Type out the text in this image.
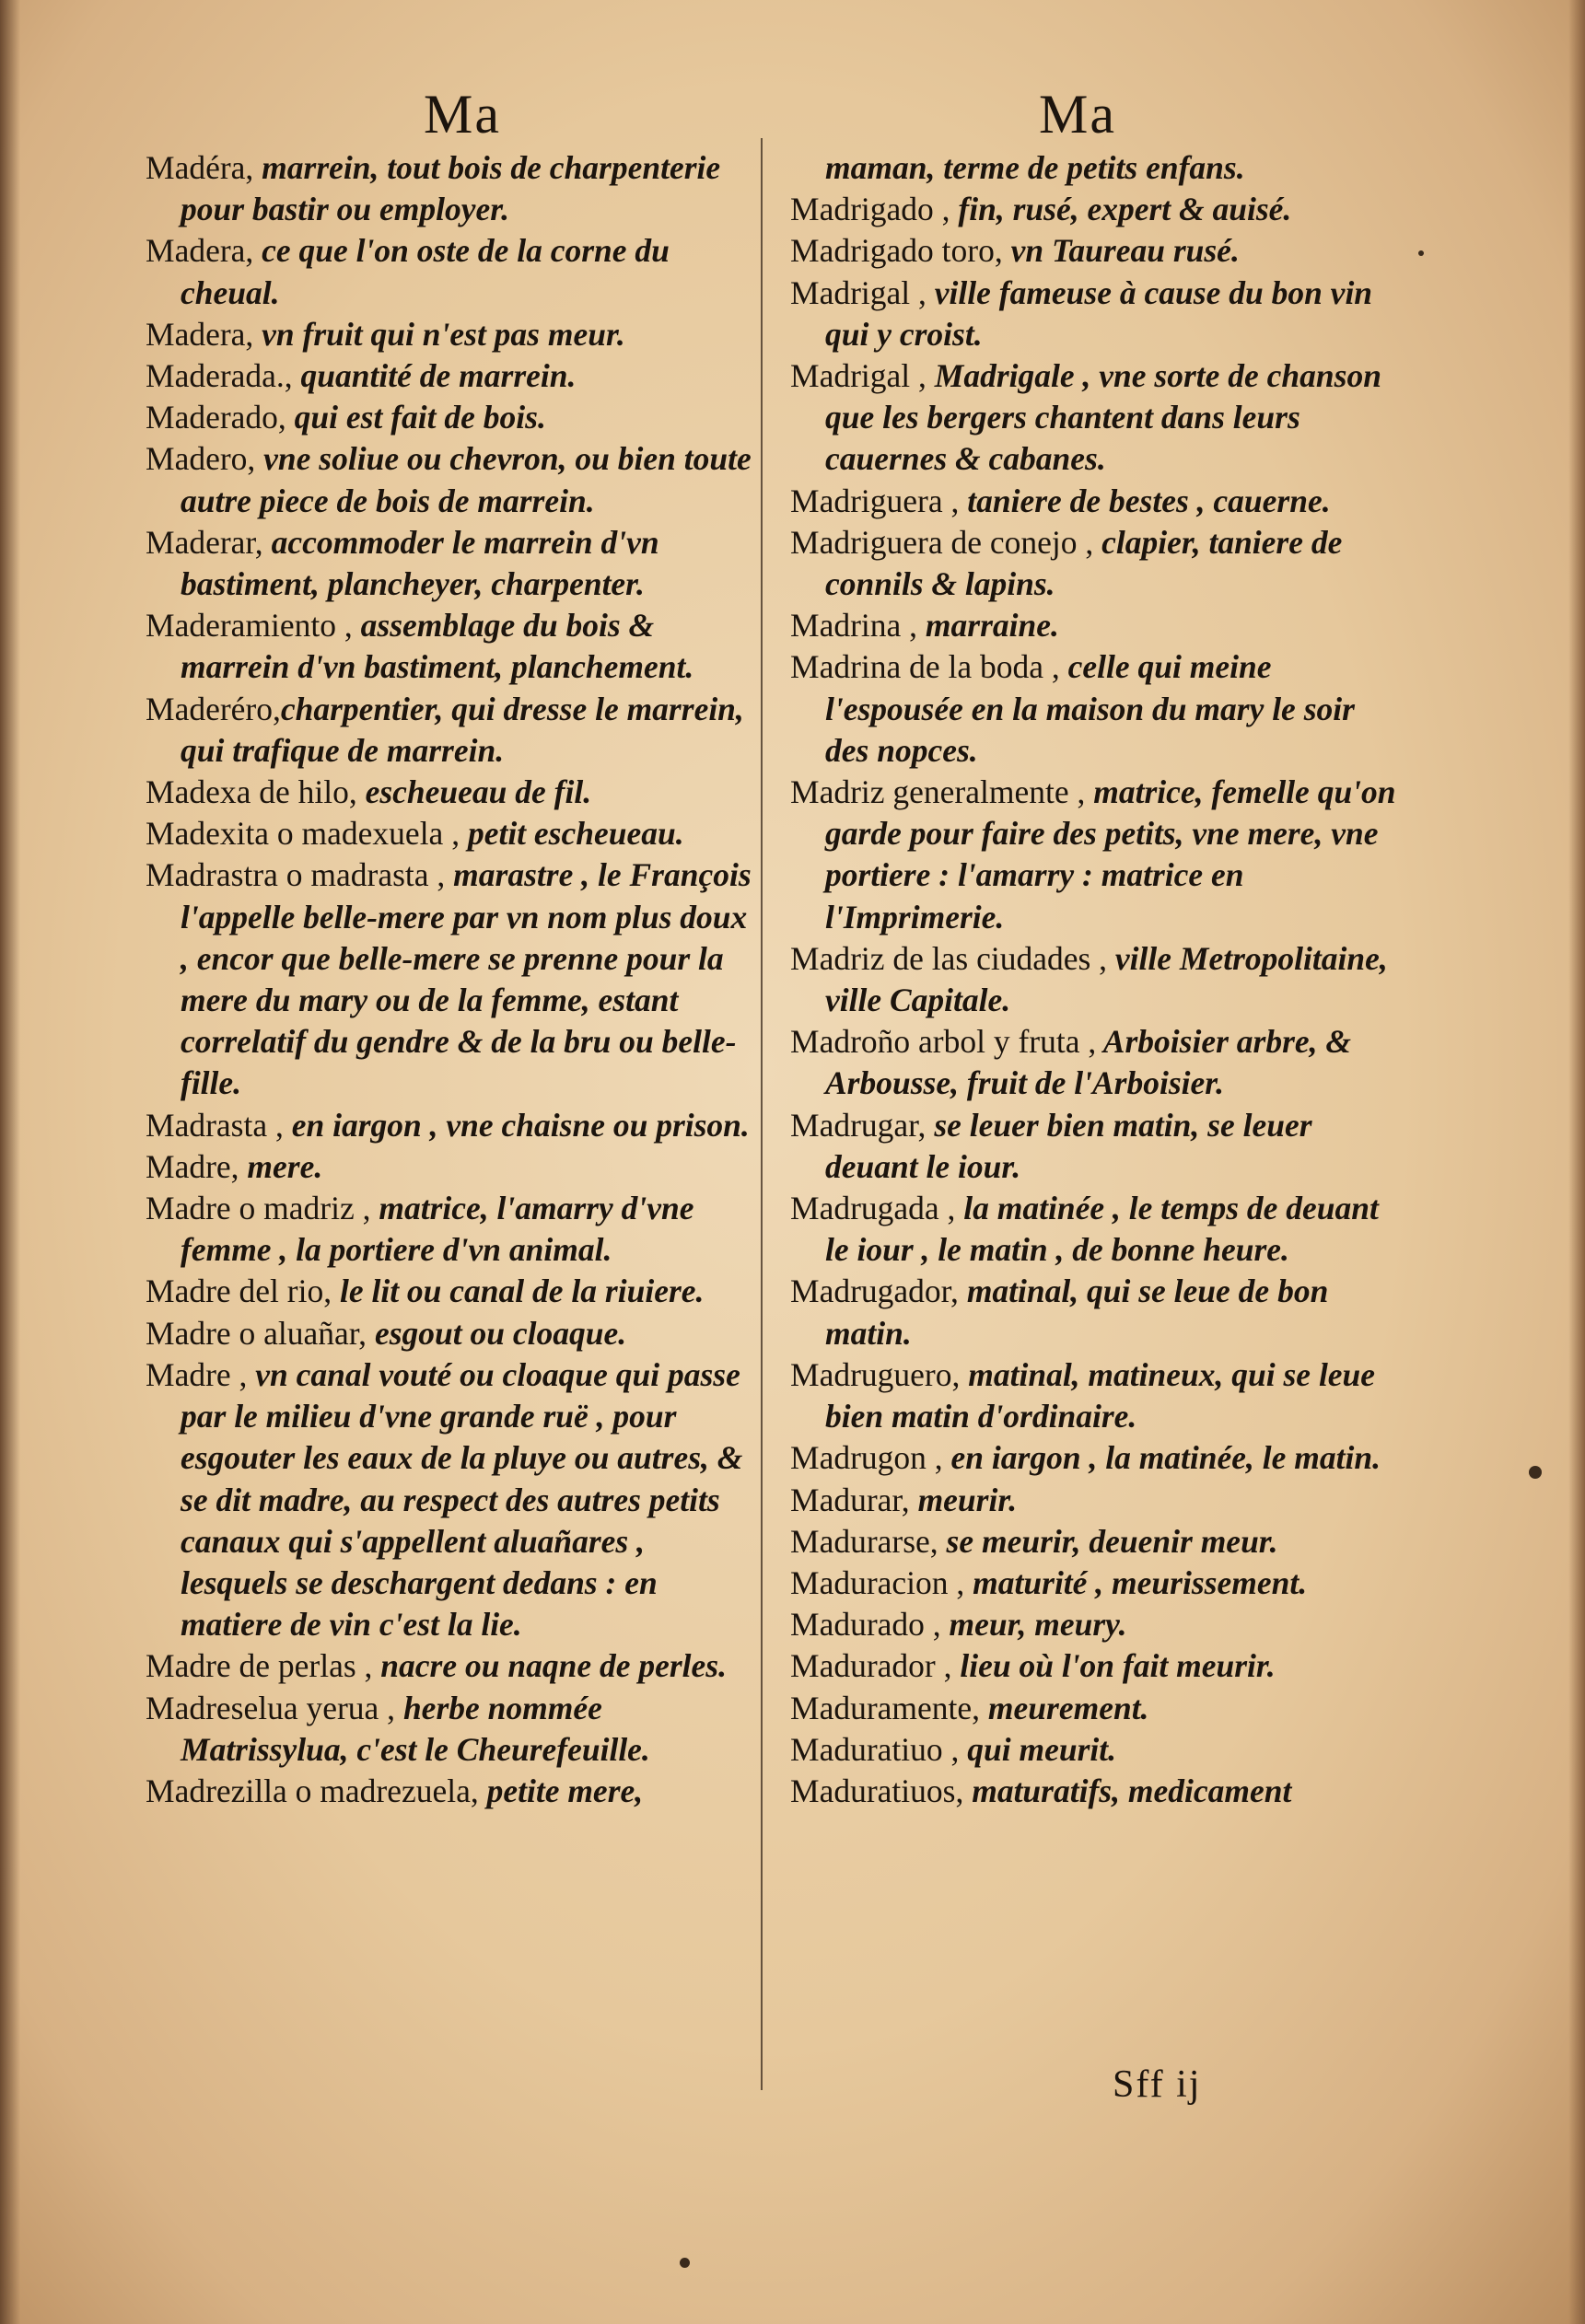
Ma	Ma

Madéra, marrein, tout bois de charpenterie pour bastir ou employer.

Madera, ce que l'on oste de la corne du cheual.

Madera, vn fruit qui n'est pas meur.

Maderada., quantité de marrein.

Maderado, qui est fait de bois.

Madero, vne soliue ou chevron, ou bien toute autre piece de bois de marrein.

Maderar, accommoder le marrein d'vn bastiment, plancheyer, charpenter.

Maderamiento , assemblage du bois & marrein d'vn bastiment, planchement.

Maderéro,charpentier, qui dresse le marrein, qui trafique de marrein.

Madexa de hilo, escheueau de fil.

Madexita o madexuela , petit escheueau.

Madrastra o madrasta , marastre , le François l'appelle belle-mere par vn nom plus doux , encor que belle-mere se prenne pour la mere du mary ou de la femme, estant correlatif du gendre & de la bru ou belle-fille.

Madrasta , en iargon , vne chaisne ou prison.

Madre, mere.

Madre o madriz , matrice, l'amarry d'vne femme , la portiere d'vn animal.

Madre del rio, le lit ou canal de la riuiere.

Madre o aluañar, esgout ou cloaque.

Madre , vn canal vouté ou cloaque qui passe par le milieu d'vne grande ruë , pour esgouter les eaux de la pluye ou autres, & se dit madre, au respect des autres petits canaux qui s'appellent aluañares , lesquels se deschargent dedans : en matiere de vin c'est la lie.

Madre de perlas , nacre ou naqne de perles.

Madreselua yerua , herbe nommée Matrissylua, c'est le Cheurefeuille.

Madrezilla o madrezuela, petite mere,

maman, terme de petits enfans.

Madrigado , fin, rusé, expert & auisé.

Madrigado toro, vn Taureau rusé.

Madrigal , ville fameuse à cause du bon vin qui y croist.

Madrigal , Madrigale , vne sorte de chanson que les bergers chantent dans leurs cauernes & cabanes.

Madriguera , taniere de bestes , cauerne.

Madriguera de conejo , clapier, taniere de connils & lapins.

Madrina , marraine.

Madrina de la boda , celle qui meine l'espousée en la maison du mary le soir des nopces.

Madriz generalmente , matrice, femelle qu'on garde pour faire des petits, vne mere, vne portiere : l'amarry : matrice en l'Imprimerie.

Madriz de las ciudades , ville Metropolitaine, ville Capitale.

Madroño arbol y fruta , Arboisier arbre, & Arbousse, fruit de l'Arboisier.

Madrugar, se leuer bien matin, se leuer deuant le iour.

Madrugada , la matinée , le temps de deuant le iour , le matin , de bonne heure.

Madrugador, matinal, qui se leue de bon matin.

Madruguero, matinal, matineux, qui se leue bien matin d'ordinaire.

Madrugon , en iargon , la matinée, le matin.

Madurar, meurir.

Madurarse, se meurir, deuenir meur.

Maduracion , maturité , meurissement.

Madurado , meur, meury.

Madurador , lieu où l'on fait meurir.

Maduramente, meurement.

Maduratiuo , qui meurit.

Maduratiuos, maturatifs, medicament

Sff ij
